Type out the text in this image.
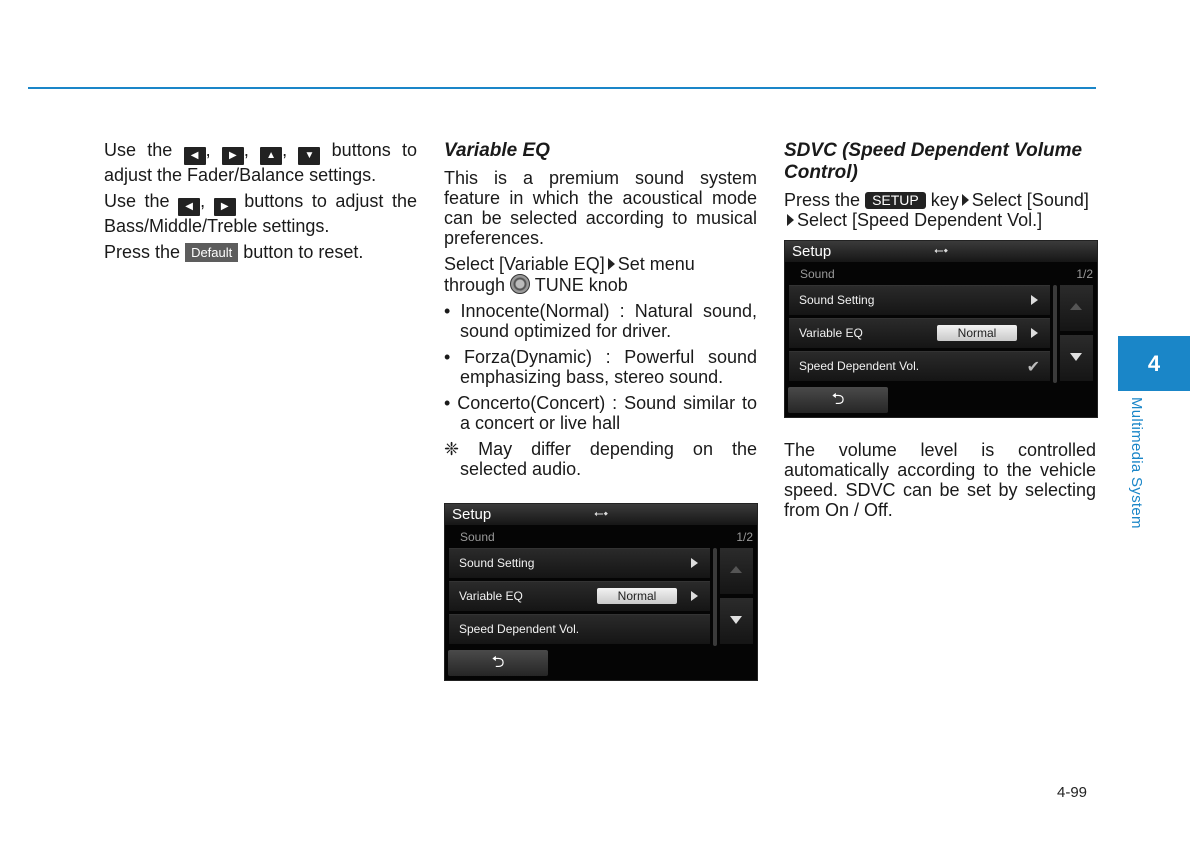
Use the ◀ , ▶ , ▲ , ▼ buttons to adjust the Fader/Balance settings.

Use the ◀ , ▶ buttons to adjust the Bass/Middle/Treble settings.

Press the Default button to reset.

Variable EQ

This is a premium sound system feature in which the acoustical mode can be selected according to musical preferences.

Select [Variable EQ] Set menu
through TUNE knob

• Innocente(Normal) : Natural sound, sound optimized for driver.

• Forza(Dynamic) : Powerful sound emphasizing bass, stereo sound.

• Concerto(Concert) : Sound similar to a concert or live hall

❈ May differ depending on the selected audio.

SDVC (Speed Dependent Volume Control)

Press the SETUP key Select [Sound]
Select [Speed Dependent Vol.]

Setup	⭠⬩
Sound	1/2
Sound Setting
Variable EQ	Normal
Speed Dependent Vol.
⮌
Setup	⭠⬩
Sound	1/2
Sound Setting
Variable EQ	Normal
Speed Dependent Vol.	✔
⮌

The volume level is controlled automatically according to the vehicle speed. SDVC can be set by selecting from On / Off.

4
Multimedia System
4-99
